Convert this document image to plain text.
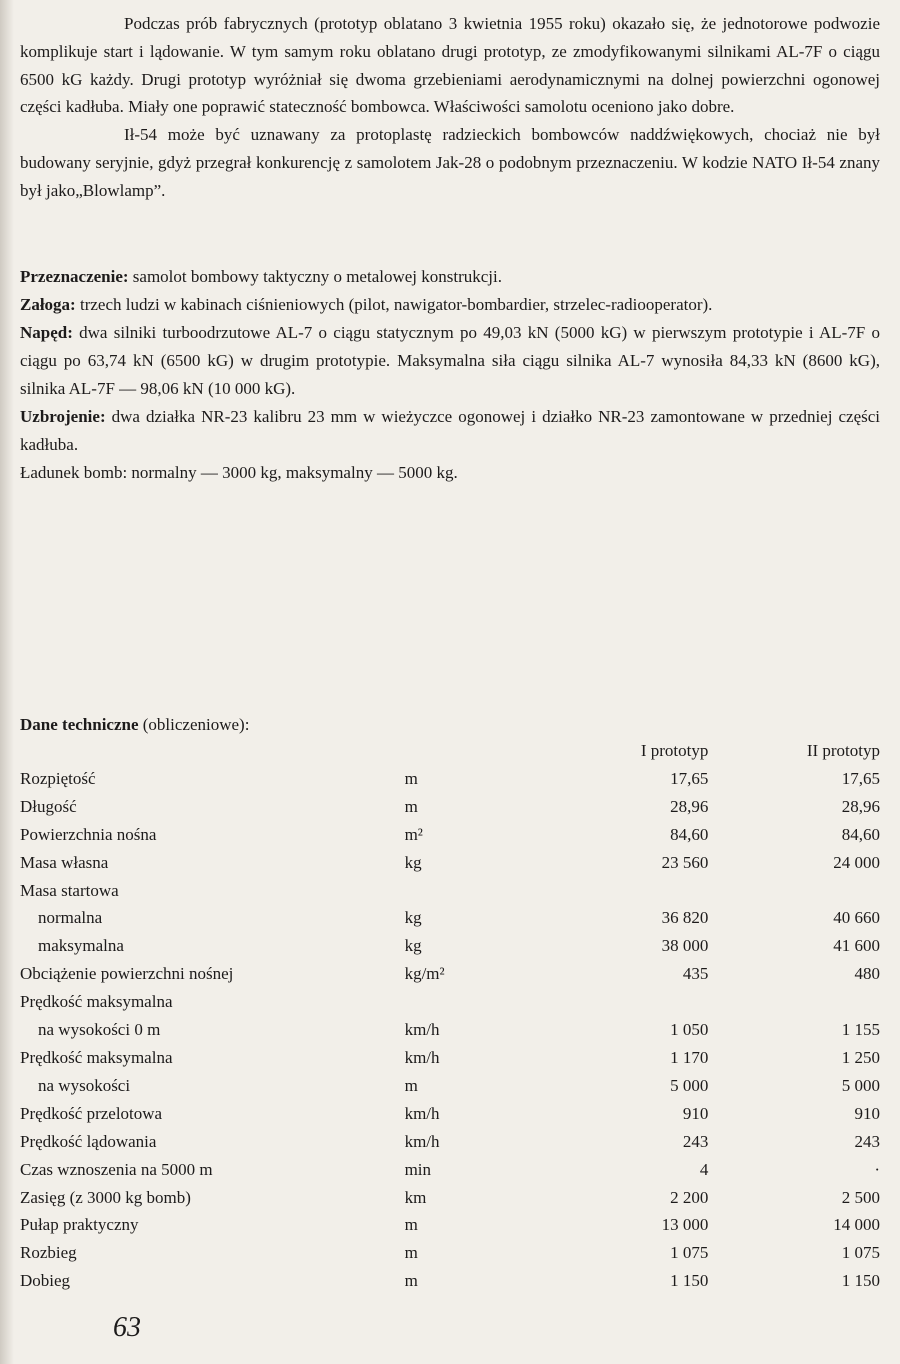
Podczas prób fabrycznych (prototyp oblatano 3 kwietnia 1955 roku) okazało się, że jednotorowe podwozie komplikuje start i lądowanie. W tym samym roku oblatano drugi prototyp, ze zmodyfikowanymi silnikami AL-7F o ciągu 6500 kG każdy. Drugi prototyp wyróżniał się dwoma grzebieniami aerodynamicznymi na dolnej powierzchni ogonowej części kadłuba. Miały one poprawić stateczność bombowca. Właściwości samolotu oceniono jako dobre.

Ił-54 może być uznawany za protoplastę radzieckich bombowców naddźwiękowych, chociaż nie był budowany seryjnie, gdyż przegrał konkurencję z samolotem Jak-28 o podobnym przeznaczeniu. W kodzie NATO Ił-54 znany był jako„Blowlamp”.

Przeznaczenie: samolot bombowy taktyczny o metalowej konstrukcji.

Załoga: trzech ludzi w kabinach ciśnieniowych (pilot, nawigator-bombardier, strzelec-radiooperator).

Napęd: dwa silniki turboodrzutowe AL-7 o ciągu statycznym po 49,03 kN (5000 kG) w pierwszym prototypie i AL-7F o ciągu po 63,74 kN (6500 kG) w drugim prototypie. Maksymalna siła ciągu silnika AL-7 wynosiła 84,33 kN (8600 kG), silnika AL-7F — 98,06 kN (10 000 kG).

Uzbrojenie: dwa działka NR-23 kalibru 23 mm w wieżyczce ogonowej i działko NR-23 zamontowane w przedniej części kadłuba.

Ładunek bomb: normalny — 3000 kg, maksymalny — 5000 kg.

Dane techniczne (obliczeniowe):
		I prototyp	II prototyp
Rozpiętość	m	17,65	17,65
Długość	m	28,96	28,96
Powierzchnia nośna	m²	84,60	84,60
Masa własna	kg	23 560	24 000
Masa startowa			
normalna	kg	36 820	40 660
maksymalna	kg	38 000	41 600
Obciążenie powierzchni nośnej	kg/m²	435	480
Prędkość maksymalna			
na wysokości 0 m	km/h	1 050	1 155
Prędkość maksymalna	km/h	1 170	1 250
na wysokości	m	5 000	5 000
Prędkość przelotowa	km/h	910	910
Prędkość lądowania	km/h	243	243
Czas wznoszenia na 5000 m	min	4	·
Zasięg (z 3000 kg bomb)	km	2 200	2 500
Pułap praktyczny	m	13 000	14 000
Rozbieg	m	1 075	1 075
Dobieg	m	1 150	1 150
63
